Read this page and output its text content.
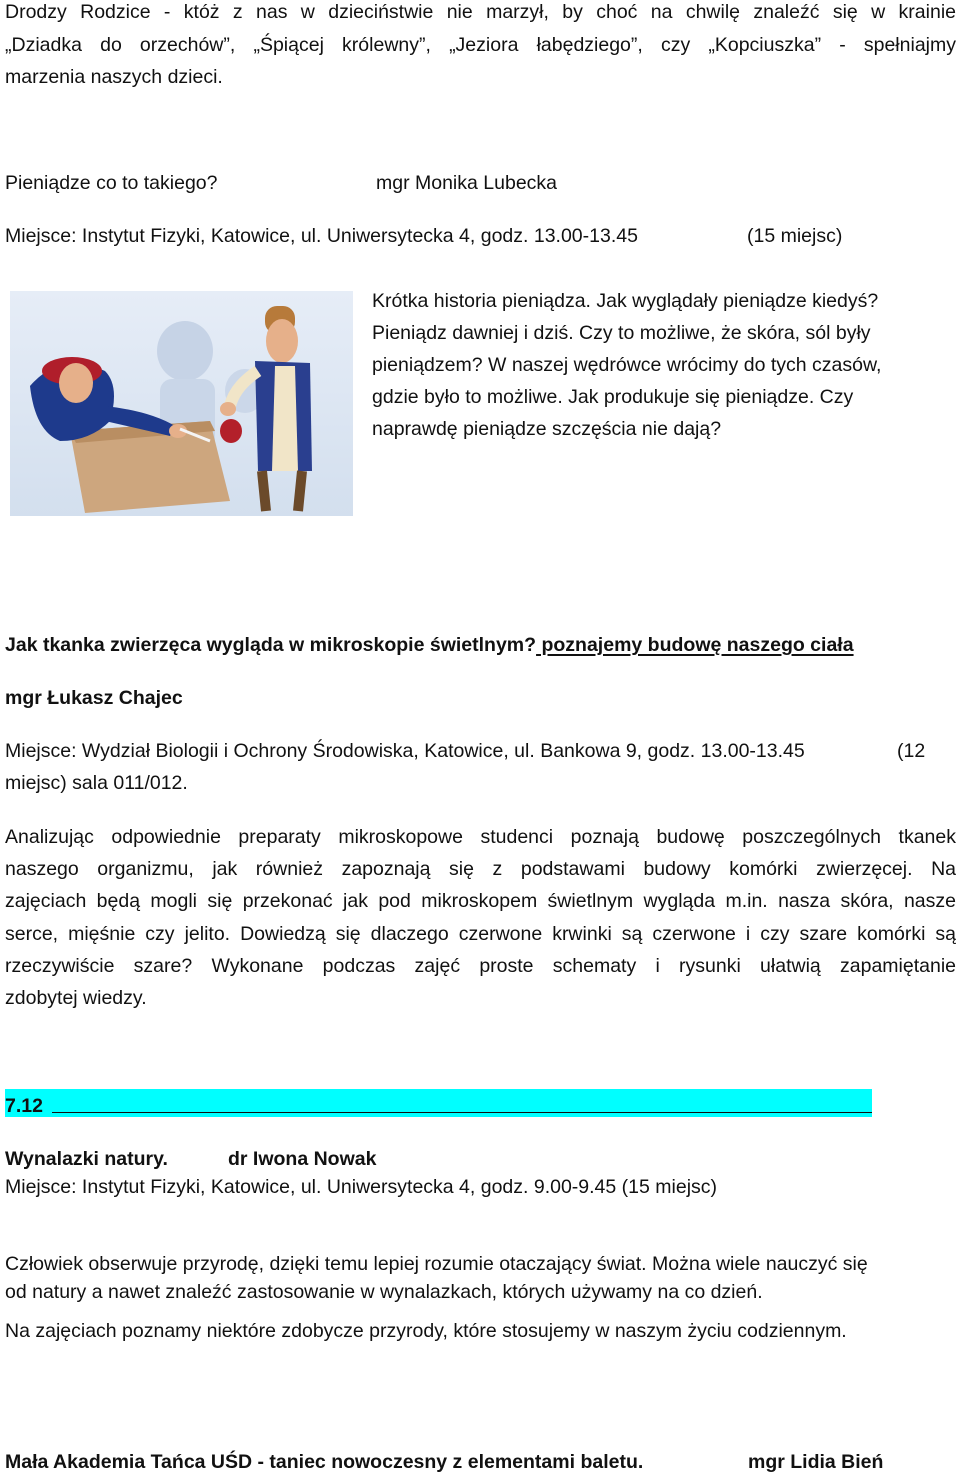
Drodzy Rodzice - któż z nas w dzieciństwie nie marzył, by choć na chwilę znaleźć się w krainie
„Dziadka do orzechów”, „Śpiącej królewny”, „Jeziora łabędziego”, czy „Kopciuszka” - spełniajmy
marzenia naszych dzieci.
Pieniądze co to takiego?	mgr Monika Lubecka
Miejsce: Instytut Fizyki, Katowice, ul. Uniwersytecka 4, godz. 13.00-13.45	(15 miejsc)
Krótka historia pieniądza. Jak wyglądały pieniądze kiedyś?
Pieniądz dawniej i dziś. Czy to możliwe, że skóra, sól były
pieniądzem? W naszej wędrówce wrócimy do tych czasów,
gdzie było to możliwe. Jak produkuje się pieniądze. Czy
naprawdę pieniądze szczęścia nie dają?
Jak tkanka zwierzęca wygląda w mikroskopie świetlnym? poznajemy budowę naszego ciała
mgr Łukasz Chajec
Miejsce: Wydział Biologii i Ochrony Środowiska, Katowice, ul. Bankowa 9, godz. 13.00-13.45	(12
miejsc) sala 011/012.
Analizując odpowiednie preparaty mikroskopowe studenci poznają budowę poszczególnych tkanek
naszego organizmu, jak również zapoznają się z podstawami budowy komórki zwierzęcej. Na
zajęciach będą mogli się przekonać jak pod mikroskopem świetlnym wygląda m.in. nasza skóra, nasze
serce, mięśnie czy jelito. Dowiedzą się dlaczego czerwone krwinki są czerwone i czy szare komórki są
rzeczywiście szare? Wykonane podczas zajęć proste schematy i rysunki ułatwią zapamiętanie
zdobytej wiedzy.
7.12
Wynalazki natury.	dr Iwona Nowak
Miejsce: Instytut Fizyki, Katowice, ul. Uniwersytecka 4, godz. 9.00-9.45 (15 miejsc)
Człowiek obserwuje przyrodę, dzięki temu lepiej rozumie otaczający świat. Można wiele nauczyć się
od natury a nawet znaleźć zastosowanie w wynalazkach, których używamy na co dzień.
Na zajęciach poznamy niektóre zdobycze przyrody, które stosujemy w naszym życiu codziennym.
Mała Akademia Tańca UŚD - taniec nowoczesny z elementami baletu.	mgr Lidia Bień
